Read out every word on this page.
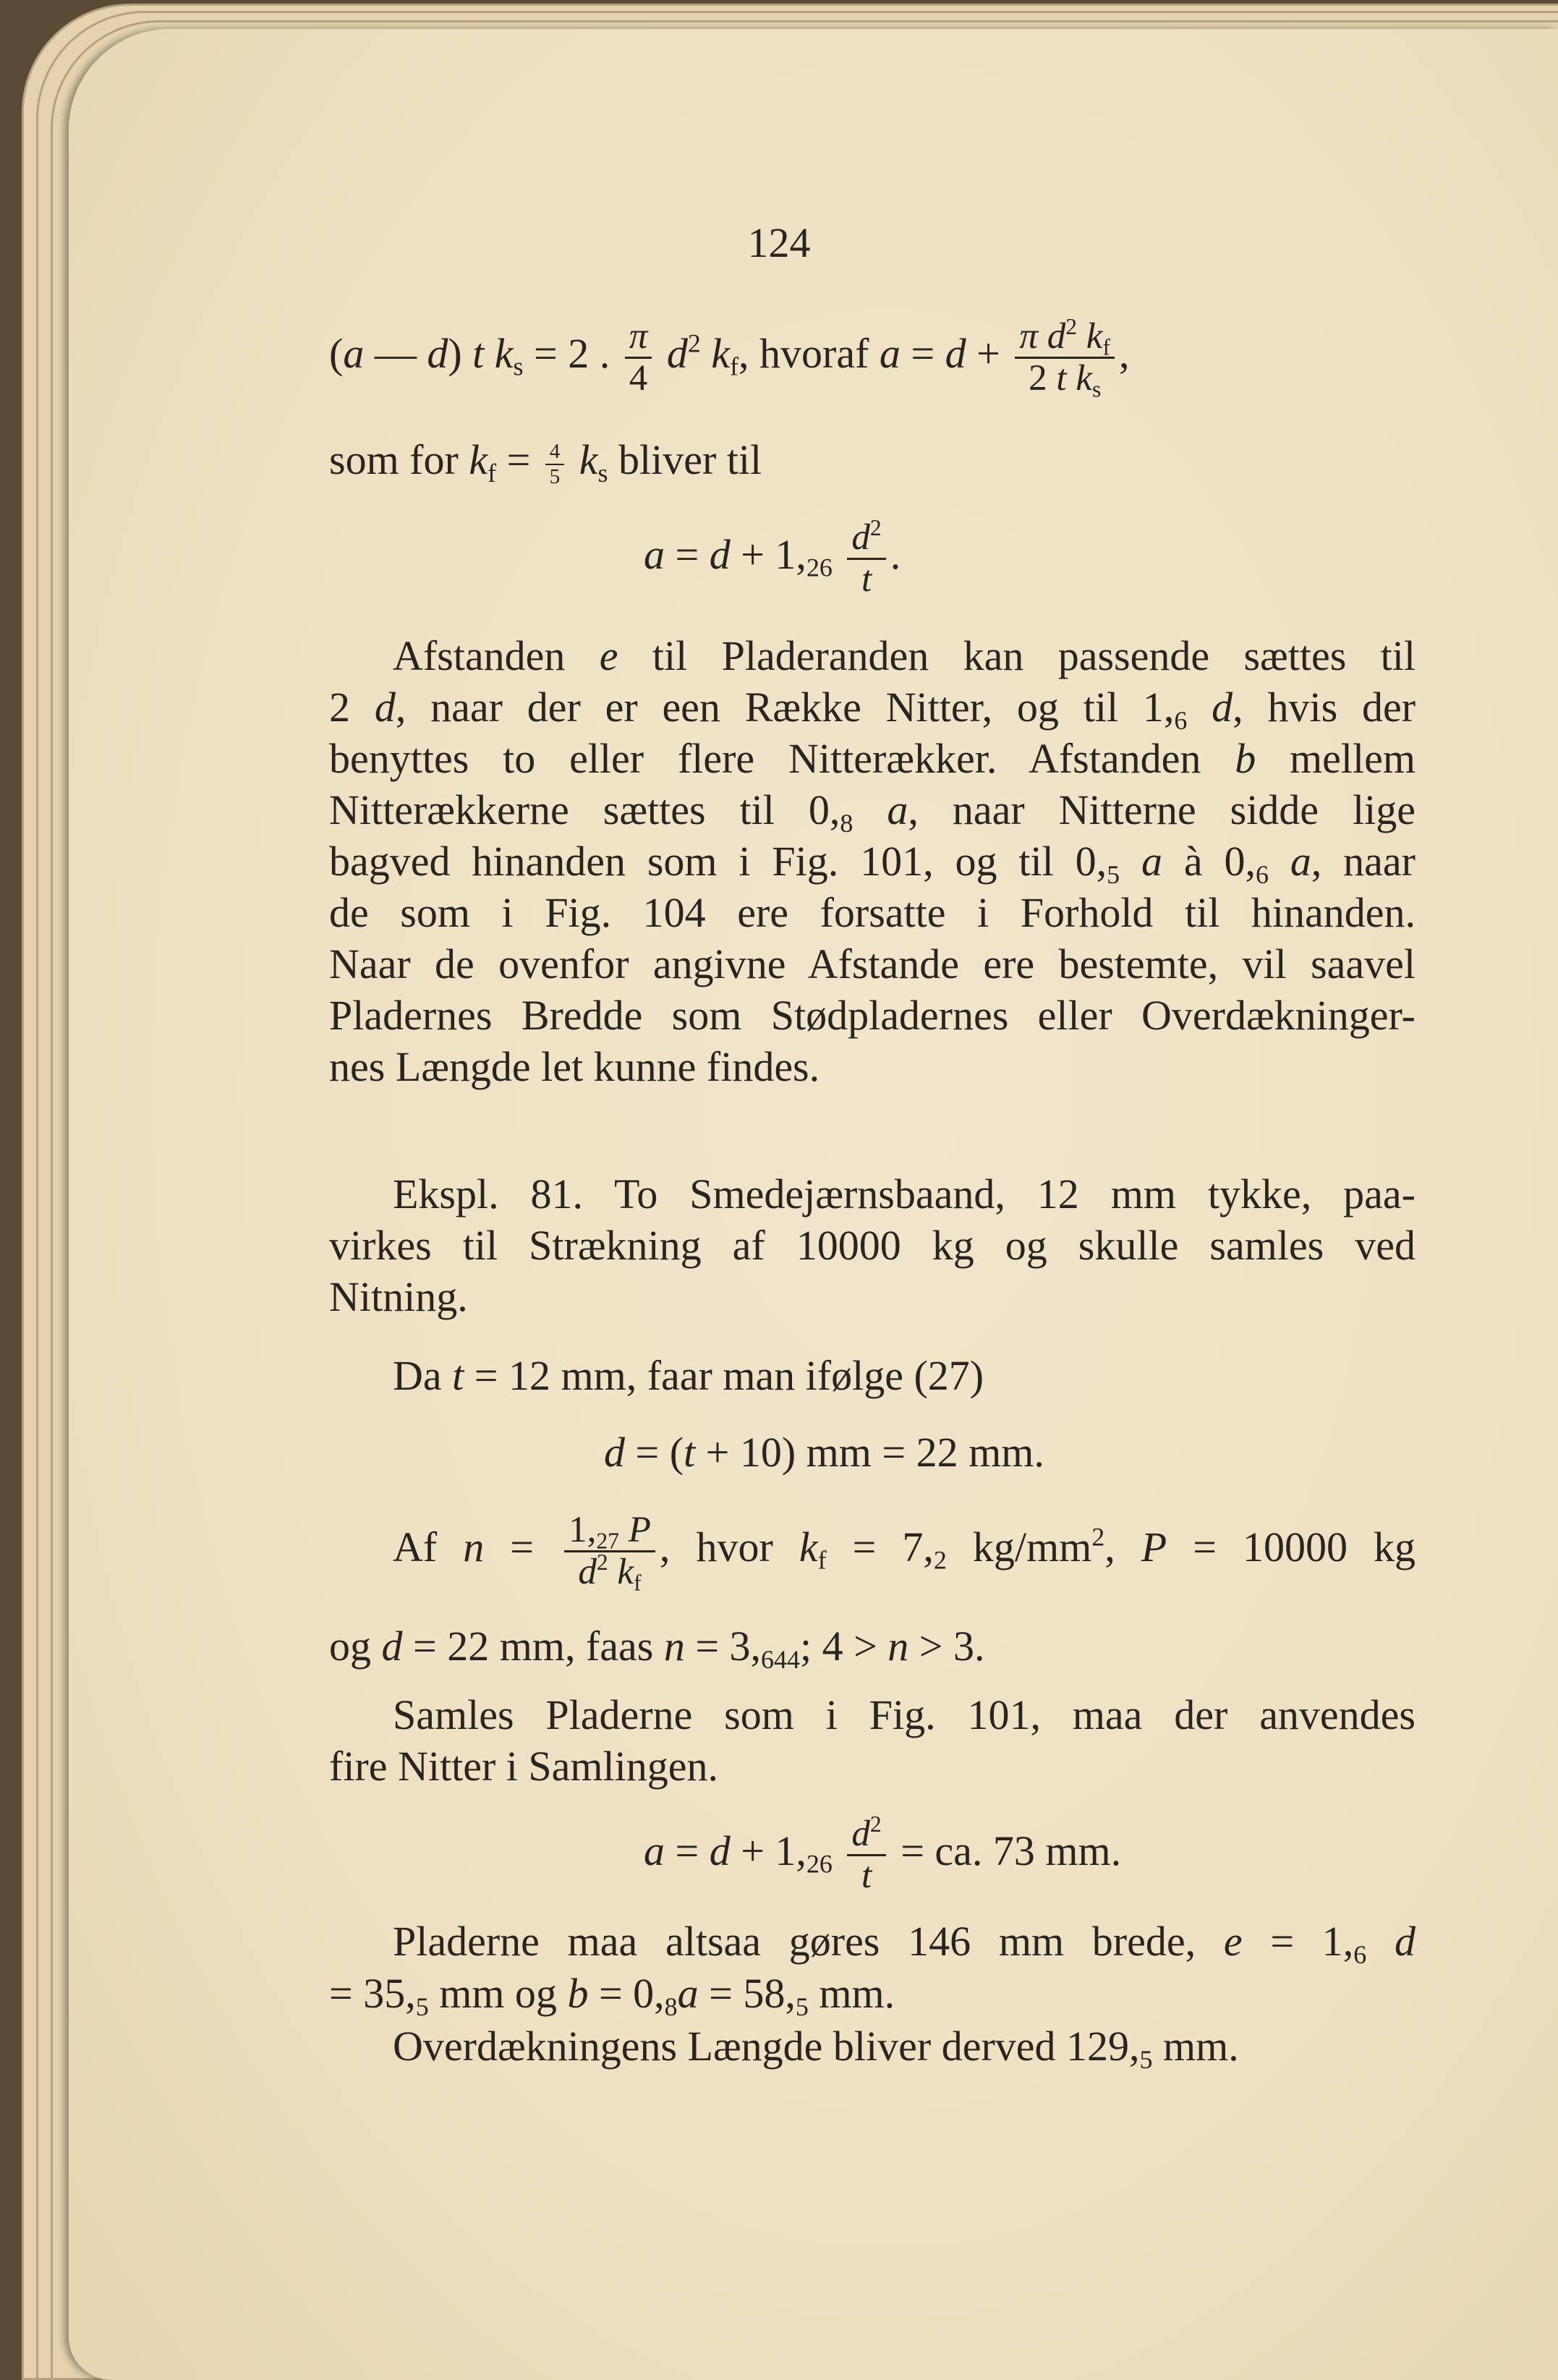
124
(a — d) t $k_s = 2$ . $\frac{\pi}{4} d^2$ $k_f$, hvoraf $a = d + \frac{\pi d^2 k_f}{2 t k_s}$ ,
som for $k_f = \frac{4}{5} k_s$ bliver til
$a = d + 1,_{26} \frac{d^2}{t}$ .
Afstanden e til Pladeranden kan passende sættes til
2 d, naar der er een Række Nitter, og til $1,_6$ d, hvis der
benyttes to eller flere Nitterækker. Afstanden b mellem
Nitterækkerne sættes til $0,_8$ a, naar Nitterne sidde lige
bagved hinanden som i Fig. 101, og til $0,_5$ a à $0,_6$ a, naar
de som i Fig. 104 ere forsatte i Forhold til hinanden.
Naar de ovenfor angivne Afstande ere bestemte, vil saavel
Pladernes Bredde som Stødpladernes eller Overdækninger-
nes Længde let kunne findes.
Ekspl. 81. To Smedejærnsbaand, 12 mm tykke, paa-
virkes til Strækning af 10000 kg og skulle samles ved
Nitning.
Da t = 12 mm, faar man ifølge (27)
d = (t + 10) mm = 22 mm.
Af $n = \frac{1,_{27} P}{d^2 k_f}$ , hvor $k_f = 7,_2$ $kg/mm^2$, P = 10000 kg
og d = 22 mm, faas $n = 3,_{644}$; 4 > n > 3.
Samles Pladerne som i Fig. 101, maa der anvendes
fire Nitter i Samlingen.
$a = d + 1,_{26} \frac{d^2}{t}$ = ca. 73 mm.
Pladerne maa altsaa gøres 146 mm brede, $e = 1,_6$ d
= $35,_5$ mm og $b = 0,_8a = 58,_5$ mm.
Overdækningens Længde bliver derved $129,_5$ mm.
